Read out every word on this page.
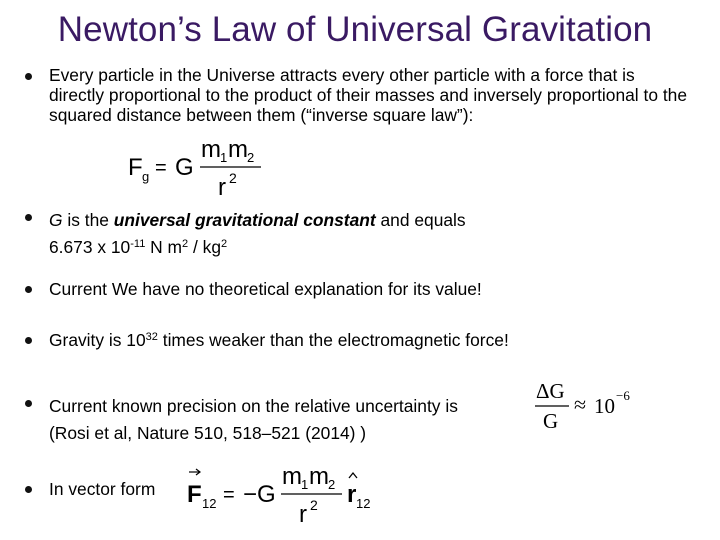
Newton’s Law of Universal Gravitation
Every particle in the Universe attracts every other particle with a force that is directly proportional to the product of their masses and inversely proportional to the squared distance between them (“inverse square law”):
F g = G
m 1 m 2
r 2
G is the universal gravitational constant and equals
6.673 x $10^{-11}$ N $m^2 / kg^2$
Current We have no theoretical explanation for its value!
Gravity is $10^{32}$ times weaker than the electromagnetic force!
Current known precision on the relative uncertainty is
(Rosi et al, Nature 510, 518–521 (2014) )
ΔG
G
≈ 10 −6
In vector form	F 12 = −G
m 1 m 2
r 2 r 12
